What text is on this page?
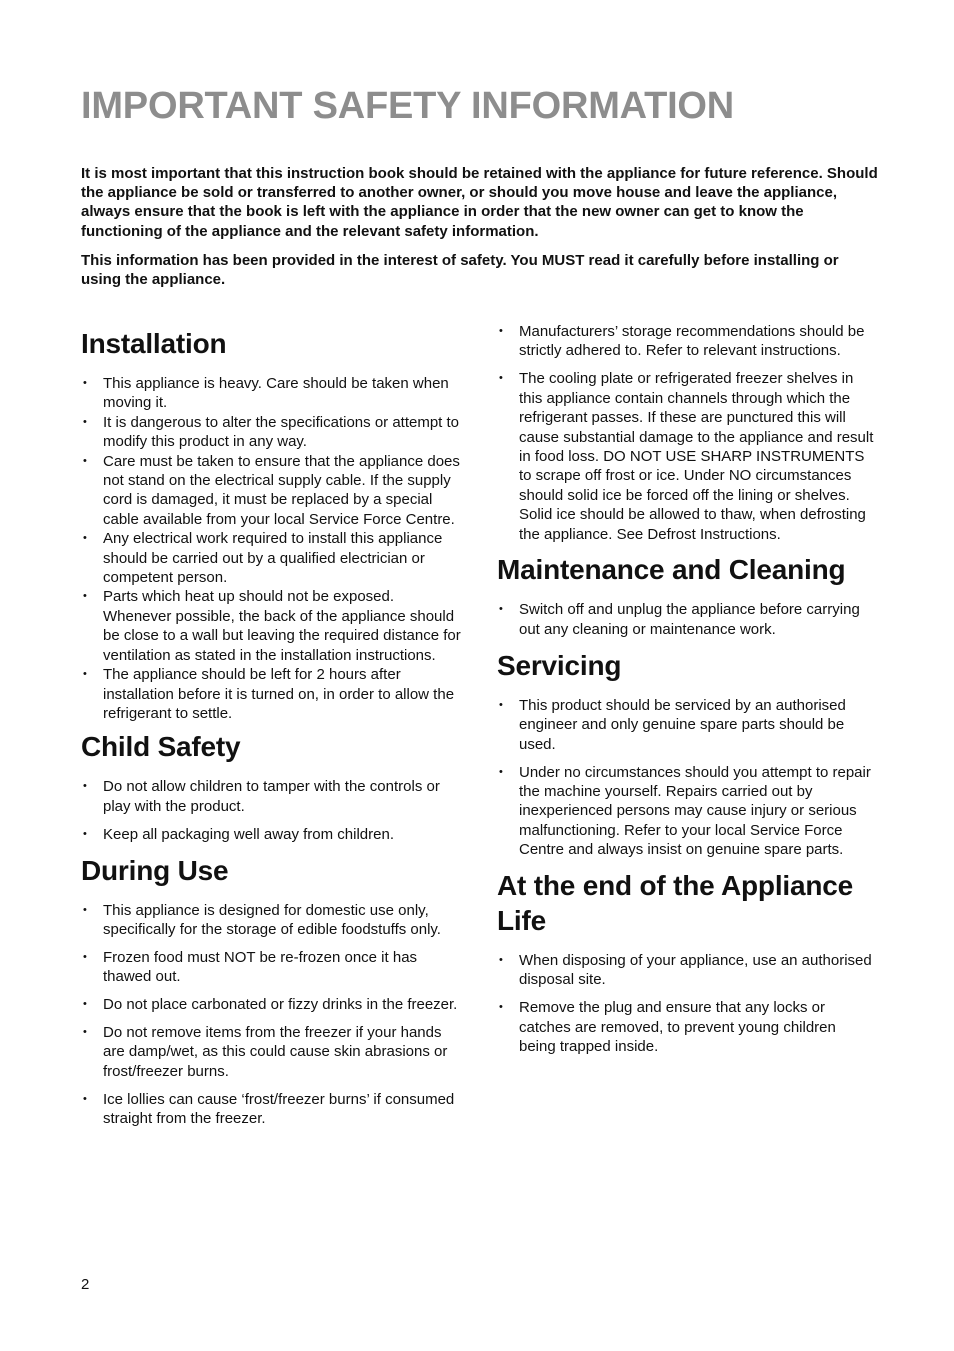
IMPORTANT SAFETY INFORMATION

It is most important that this instruction book should be retained with the appliance for future reference. Should the appliance be sold or transferred to another owner, or should you move house and leave the appliance, always ensure that the book is left with the appliance in order that the new owner can get to know the functioning of the appliance and the relevant safety information.

This information has been provided in the interest of safety. You MUST read it carefully before installing or using the appliance.

Installation
• This appliance is heavy. Care should be taken when moving it.
• It is dangerous to alter the specifications or attempt to modify this product in any way.
• Care must be taken to ensure that the appliance does not stand on the electrical supply cable. If the supply cord is damaged, it must be replaced by a special cable available from your local Service Force Centre.
• Any electrical work required to install this appliance should be carried out by a qualified electrician or competent person.
• Parts which heat up should not be exposed. Whenever possible, the back of the appliance should be close to a wall but leaving the required distance for ventilation as stated in the installation instructions.
• The appliance should be left for 2 hours after installation before it is turned on, in order to allow the refrigerant to settle.
Child Safety
• Do not allow children to tamper with the controls or play with the product.
• Keep all packaging well away from children.
During Use
• This appliance is designed for domestic use only, specifically for the storage of edible foodstuffs only.
• Frozen food must NOT be re-frozen once it has thawed out.
• Do not place carbonated or fizzy drinks in the freezer.
• Do not remove items from the freezer if your hands are damp/wet, as this could cause skin abrasions or frost/freezer burns.
• Ice lollies can cause ‘frost/freezer burns’ if consumed straight from the freezer.
• Manufacturers’ storage recommendations should be strictly adhered to. Refer to relevant instructions.
• The cooling plate or refrigerated freezer shelves in this appliance contain channels through which the refrigerant passes. If these are punctured this will cause substantial damage to the appliance and result in food loss. DO NOT USE SHARP INSTRUMENTS to scrape off frost or ice. Under NO circumstances should solid ice be forced off the lining or shelves. Solid ice should be allowed to thaw, when defrosting the appliance. See Defrost Instructions.
Maintenance and Cleaning
• Switch off and unplug the appliance before carrying out any cleaning or maintenance work.
Servicing
• This product should be serviced by an authorised engineer and only genuine spare parts should be used.
• Under no circumstances should you attempt to repair the machine yourself. Repairs carried out by inexperienced persons may cause injury or serious malfunctioning. Refer to your local Service Force Centre and always insist on genuine spare parts.
At the end of the Appliance Life
• When disposing of your appliance, use an authorised disposal site.
• Remove the plug and ensure that any locks or catches are removed, to prevent young children being trapped inside.
2
